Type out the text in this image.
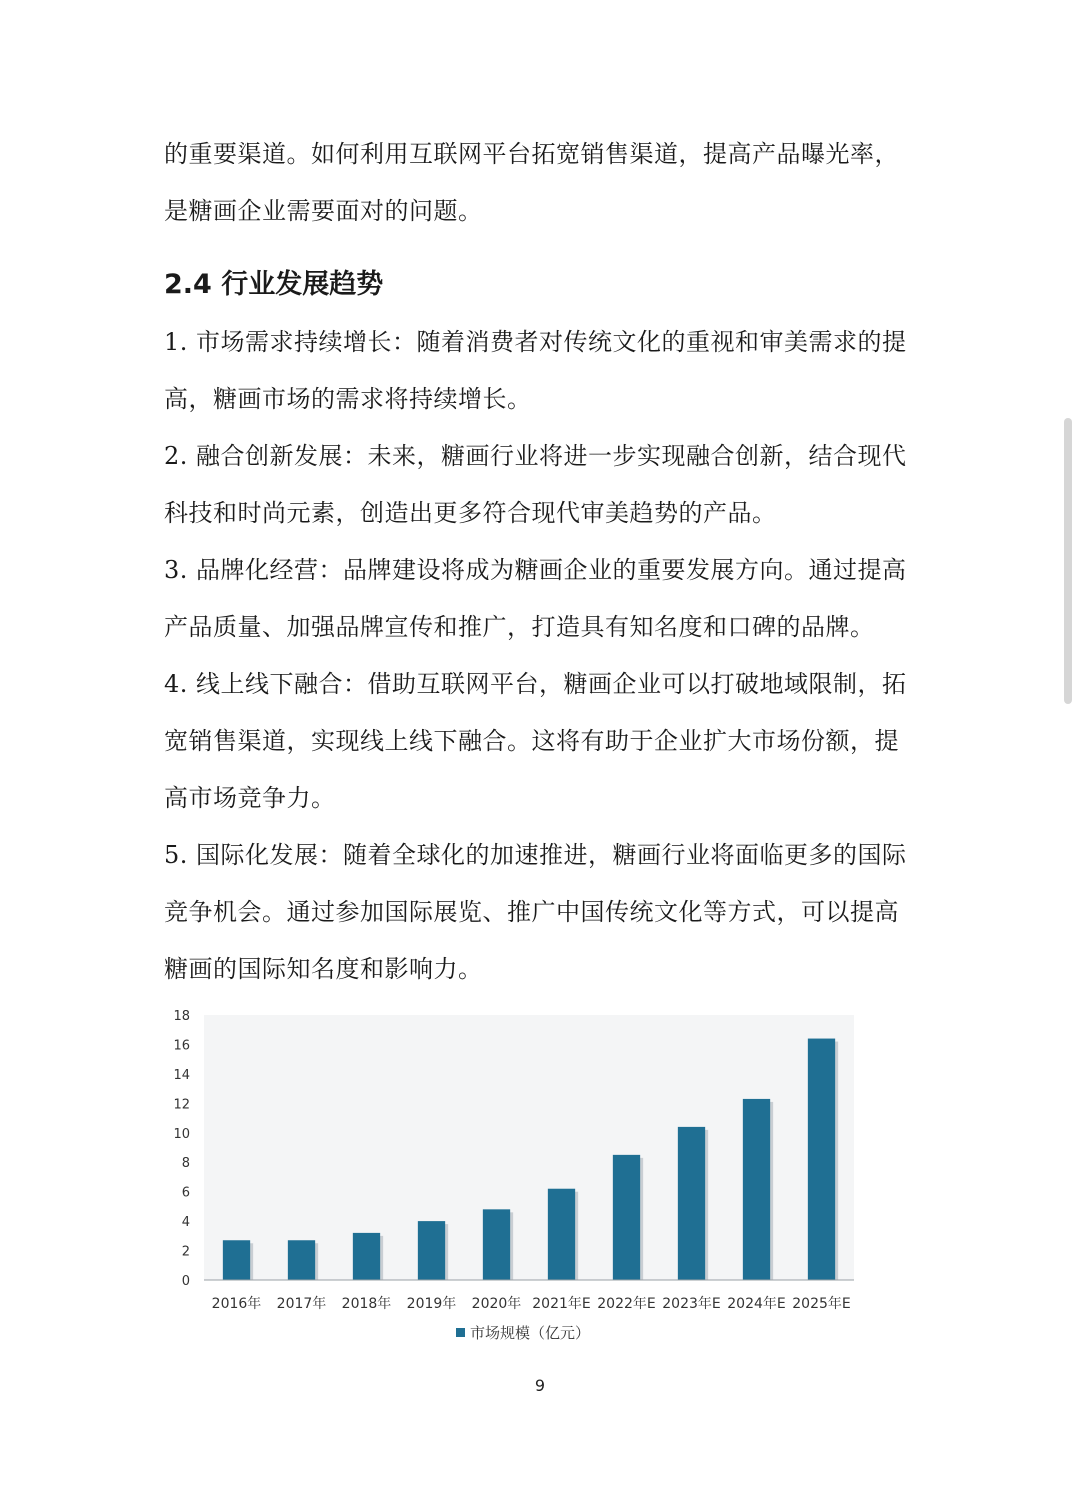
的重要渠道。如何利用互联网平台拓宽销售渠道，提高产品曝光率，

是糖画企业需要面对的问题。

2.4 行业发展趋势

1. 市场需求持续增长：随着消费者对传统文化的重视和审美需求的提

高，糖画市场的需求将持续增长。

2. 融合创新发展：未来，糖画行业将进一步实现融合创新，结合现代

科技和时尚元素，创造出更多符合现代审美趋势的产品。

3. 品牌化经营：品牌建设将成为糖画企业的重要发展方向。通过提高

产品质量、加强品牌宣传和推广，打造具有知名度和口碑的品牌。

4. 线上线下融合：借助互联网平台，糖画企业可以打破地域限制，拓

宽销售渠道，实现线上线下融合。这将有助于企业扩大市场份额，提

高市场竞争力。

5. 国际化发展：随着全球化的加速推进，糖画行业将面临更多的国际

竞争机会。通过参加国际展览、推广中国传统文化等方式，可以提高

糖画的国际知名度和影响力。

0
2
4
6
8
10
12
14
16
18
2016年 2017年 2018年 2019年 2020年 2021年E 2022年E 2023年E 2024年E 2025年E
市场规模（亿元）
9
